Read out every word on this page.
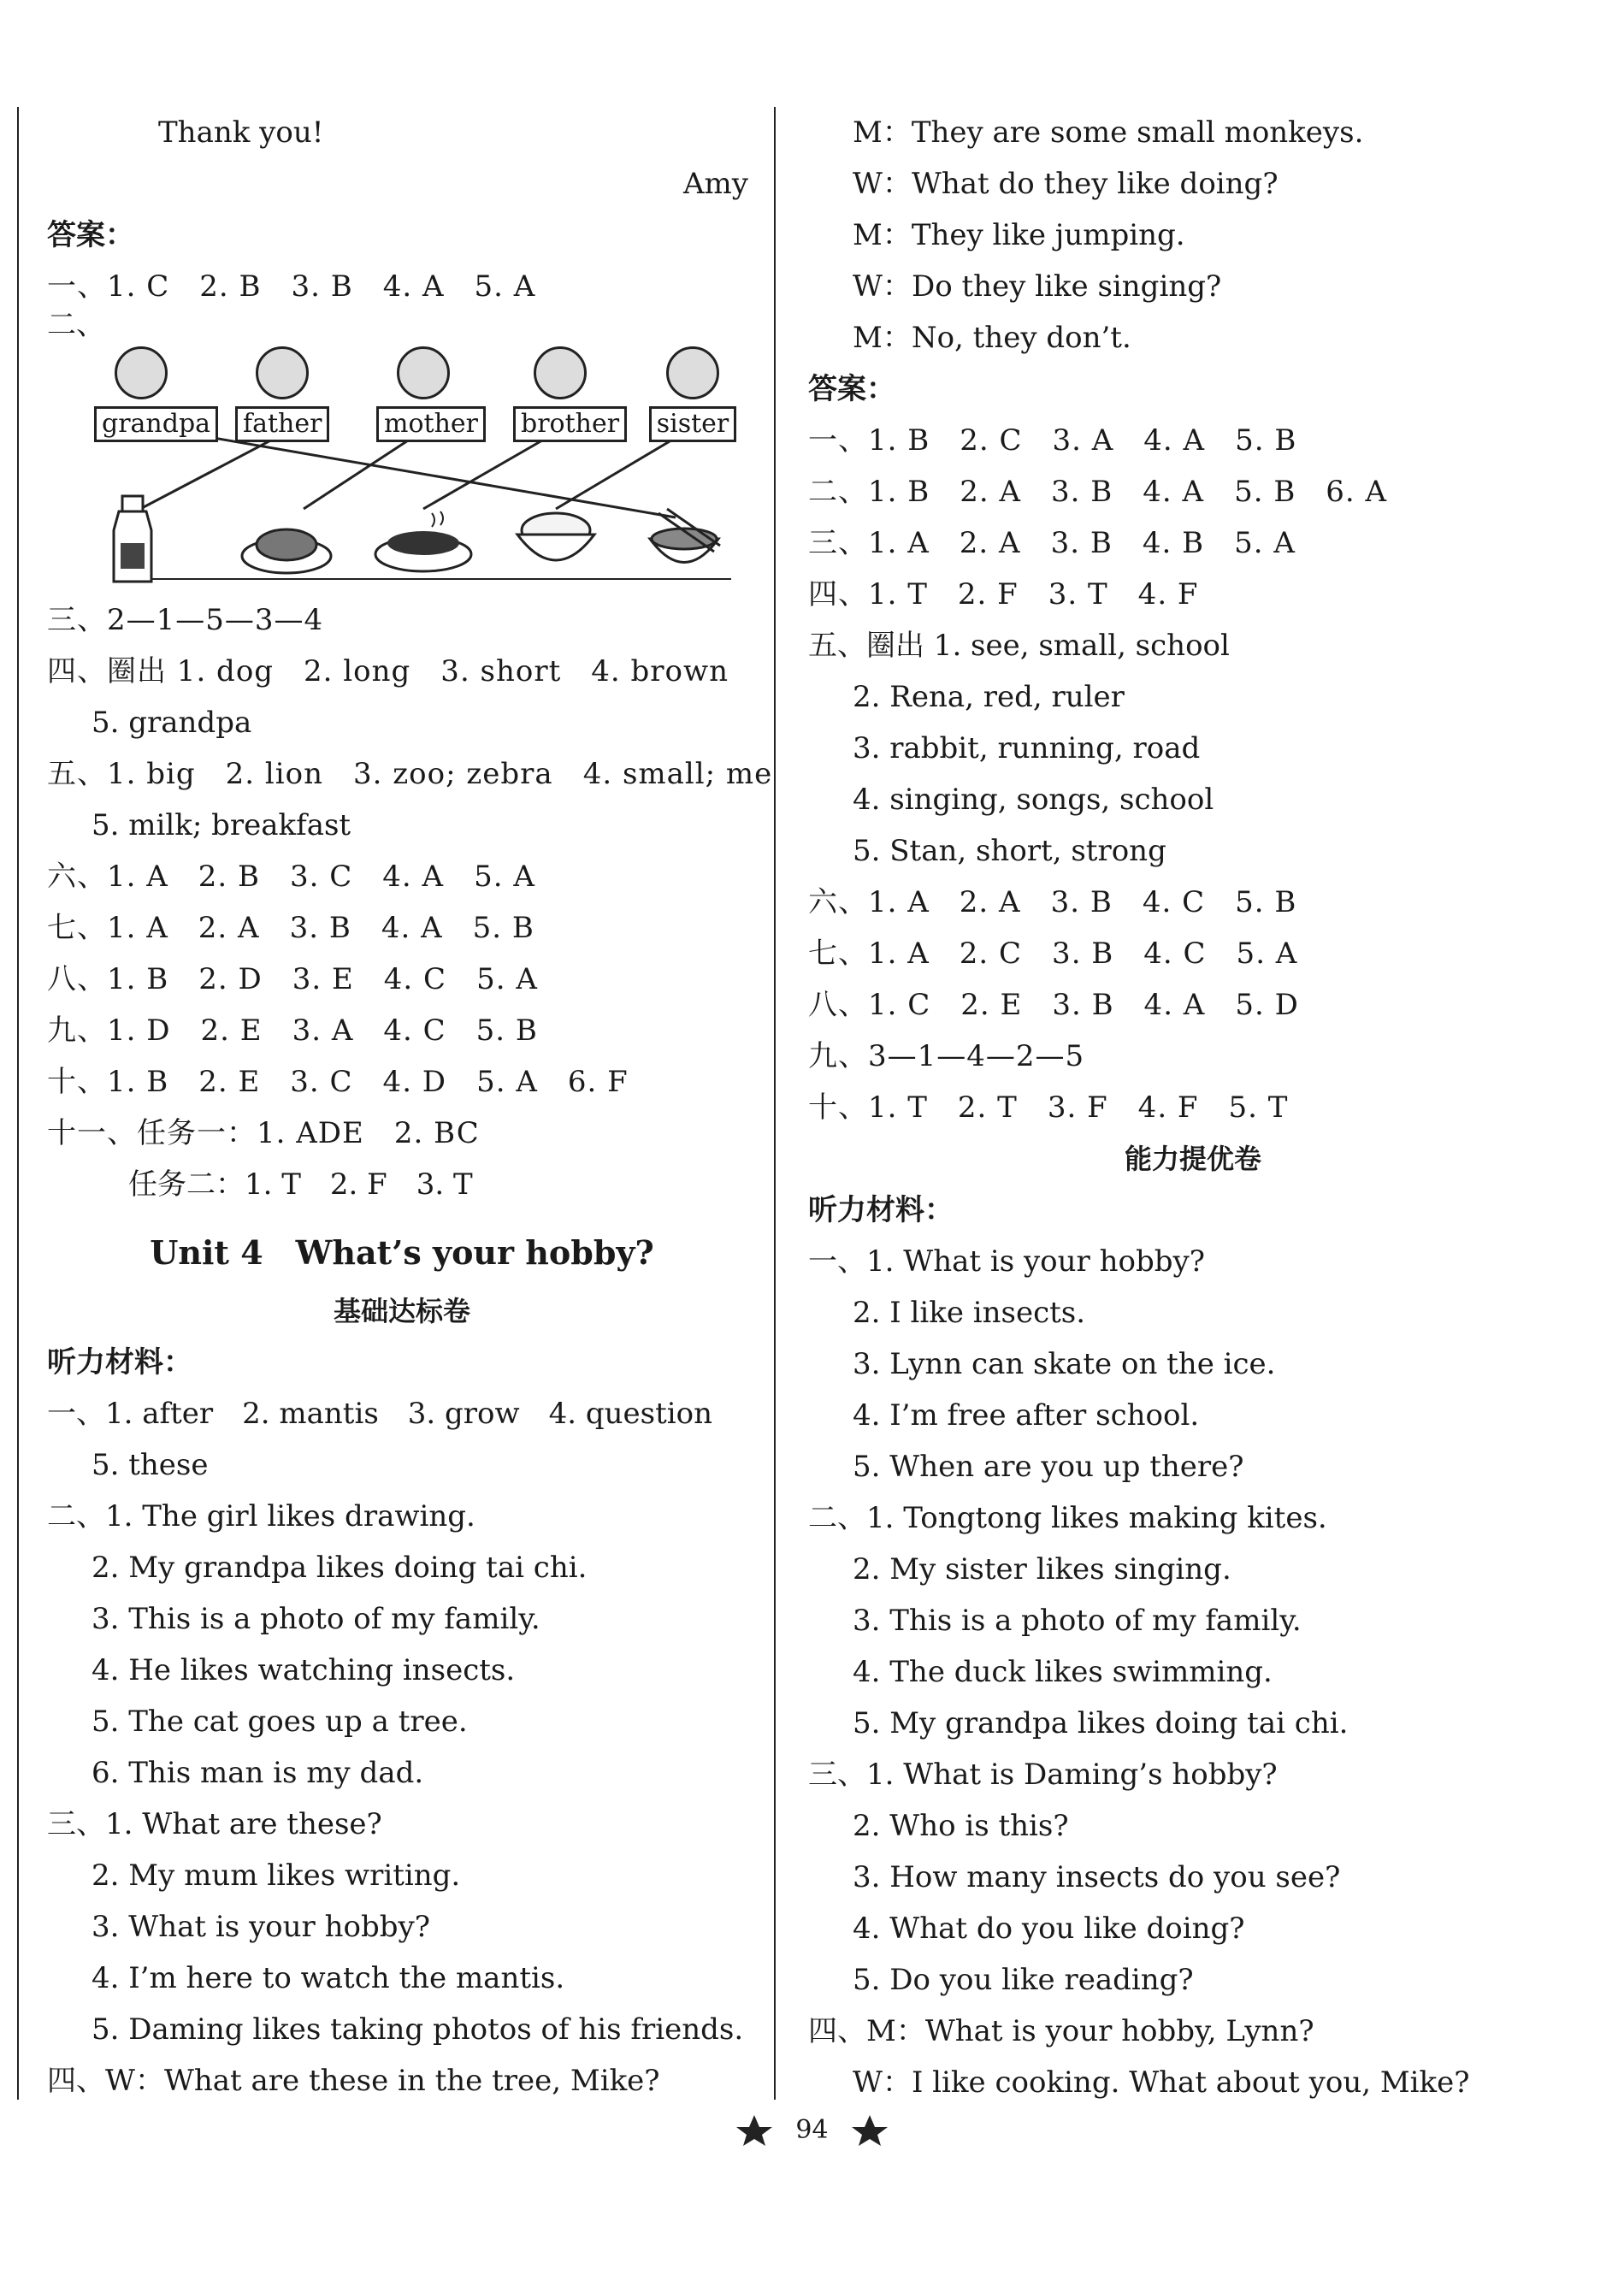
Thank you!
Amy
答案：
一、1. C　2. B　3. B　4. A　5. A
二、
grandpa	father	mother	brother	sister
三、2—1—5—3—4
四、圈出 1. dog　2. long　3. short　4. brown
5. grandpa
五、1. big　2. lion　3. zoo; zebra　4. small; me
5. milk; breakfast
六、1. A　2. B　3. C　4. A　5. A
七、1. A　2. A　3. B　4. A　5. B
八、1. B　2. D　3. E　4. C　5. A
九、1. D　2. E　3. A　4. C　5. B
十、1. B　2. E　3. C　4. D　5. A　6. F
十一、任务一：1. ADE　2. BC
任务二：1. T　2. F　3. T
Unit 4　What’s your hobby?
基础达标卷
听力材料：
一、1. after　2. mantis　3. grow　4. question
5. these
二、1. The girl likes drawing.
2. My grandpa likes doing tai chi.
3. This is a photo of my family.
4. He likes watching insects.
5. The cat goes up a tree.
6. This man is my dad.
三、1. What are these?
2. My mum likes writing.
3. What is your hobby?
4. I’m here to watch the mantis.
5. Daming likes taking photos of his friends.
四、W：What are these in the tree, Mike?
M：They are some small monkeys.
W：What do they like doing?
M：They like jumping.
W：Do they like singing?
M：No, they don’t.
答案：
一、1. B　2. C　3. A　4. A　5. B
二、1. B　2. A　3. B　4. A　5. B　6. A
三、1. A　2. A　3. B　4. B　5. A
四、1. T　2. F　3. T　4. F
五、圈出 1. see, small, school
2. Rena, red, ruler
3. rabbit, running, road
4. singing, songs, school
5. Stan, short, strong
六、1. A　2. A　3. B　4. C　5. B
七、1. A　2. C　3. B　4. C　5. A
八、1. C　2. E　3. B　4. A　5. D
九、3—1—4—2—5
十、1. T　2. T　3. F　4. F　5. T
能力提优卷
听力材料：
一、1. What is your hobby?
2. I like insects.
3. Lynn can skate on the ice.
4. I’m free after school.
5. When are you up there?
二、1. Tongtong likes making kites.
2. My sister likes singing.
3. This is a photo of my family.
4. The duck likes swimming.
5. My grandpa likes doing tai chi.
三、1. What is Daming’s hobby?
2. Who is this?
3. How many insects do you see?
4. What do you like doing?
5. Do you like reading?
四、M：What is your hobby, Lynn?
W：I like cooking. What about you, Mike?
94
